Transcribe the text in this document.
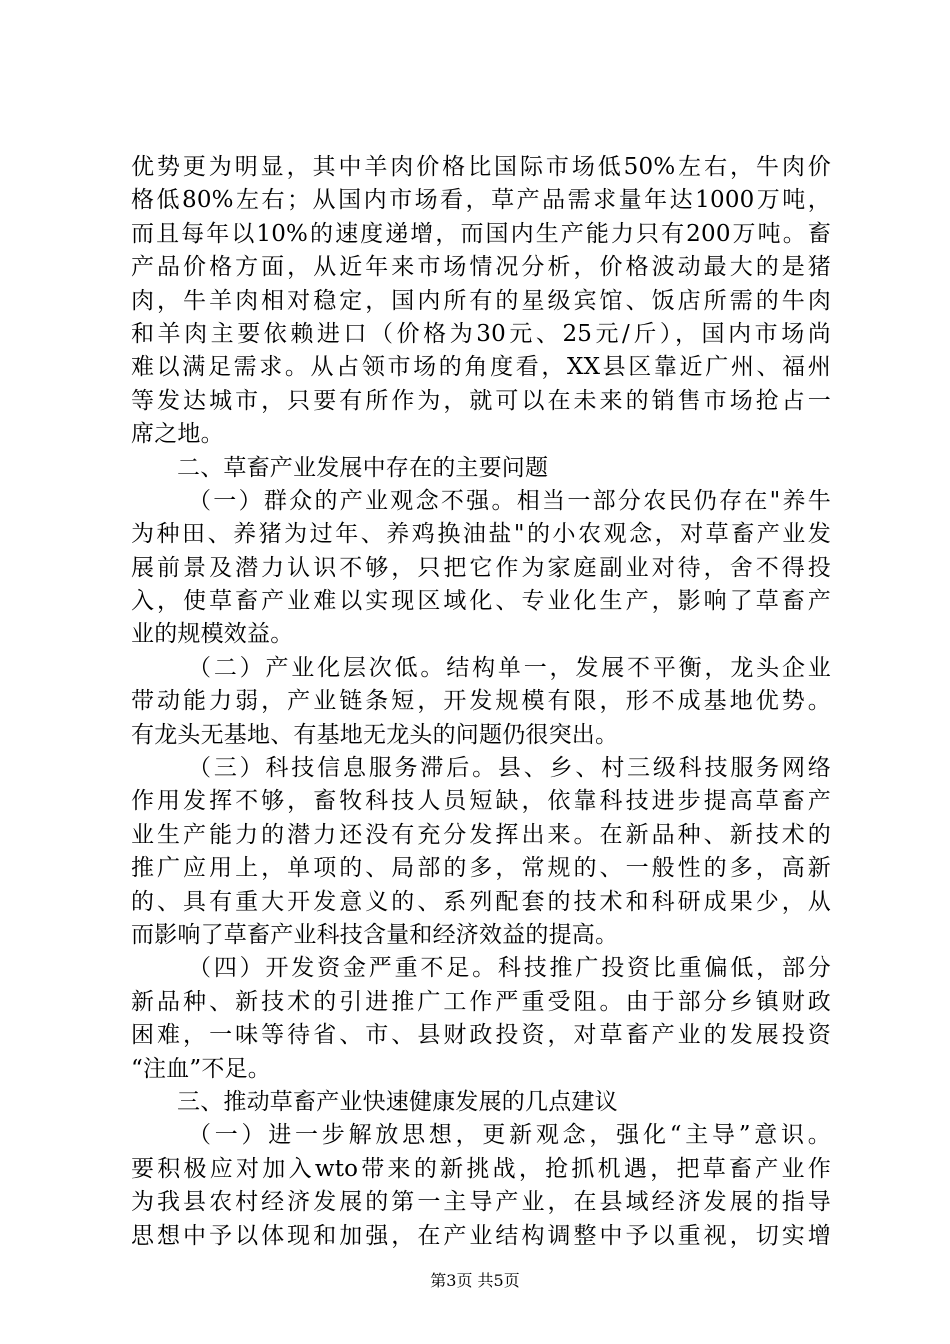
优势更为明显，其中羊肉价格比国际市场低50%左右，牛肉价
格低80%左右；从国内市场看，草产品需求量年达1000万吨，
而且每年以10%的速度递增，而国内生产能力只有200万吨。畜
产品价格方面，从近年来市场情况分析，价格波动最大的是猪
肉，牛羊肉相对稳定，国内所有的星级宾馆、饭店所需的牛肉
和羊肉主要依赖进口（价格为30元、25元/斤），国内市场尚
难以满足需求。从占领市场的角度看，XX县区靠近广州、福州
等发达城市，只要有所作为，就可以在未来的销售市场抢占一
席之地。
二、草畜产业发展中存在的主要问题
（一）群众的产业观念不强。相当一部分农民仍存在"养牛
为种田、养猪为过年、养鸡换油盐"的小农观念，对草畜产业发
展前景及潜力认识不够，只把它作为家庭副业对待，舍不得投
入，使草畜产业难以实现区域化、专业化生产，影响了草畜产
业的规模效益。
（二）产业化层次低。结构单一，发展不平衡，龙头企业
带动能力弱，产业链条短，开发规模有限，形不成基地优势。
有龙头无基地、有基地无龙头的问题仍很突出。
（三）科技信息服务滞后。县、乡、村三级科技服务网络
作用发挥不够，畜牧科技人员短缺，依靠科技进步提高草畜产
业生产能力的潜力还没有充分发挥出来。在新品种、新技术的
推广应用上，单项的、局部的多，常规的、一般性的多，高新
的、具有重大开发意义的、系列配套的技术和科研成果少，从
而影响了草畜产业科技含量和经济效益的提高。
（四）开发资金严重不足。科技推广投资比重偏低，部分
新品种、新技术的引进推广工作严重受阻。由于部分乡镇财政
困难，一味等待省、市、县财政投资，对草畜产业的发展投资
“注血”不足。
三、推动草畜产业快速健康发展的几点建议
（一）进一步解放思想，更新观念，强化“主导”意识。
要积极应对加入wto带来的新挑战，抢抓机遇，把草畜产业作
为我县农村经济发展的第一主导产业，在县域经济发展的指导
思想中予以体现和加强，在产业结构调整中予以重视，切实增
第3页 共5页
